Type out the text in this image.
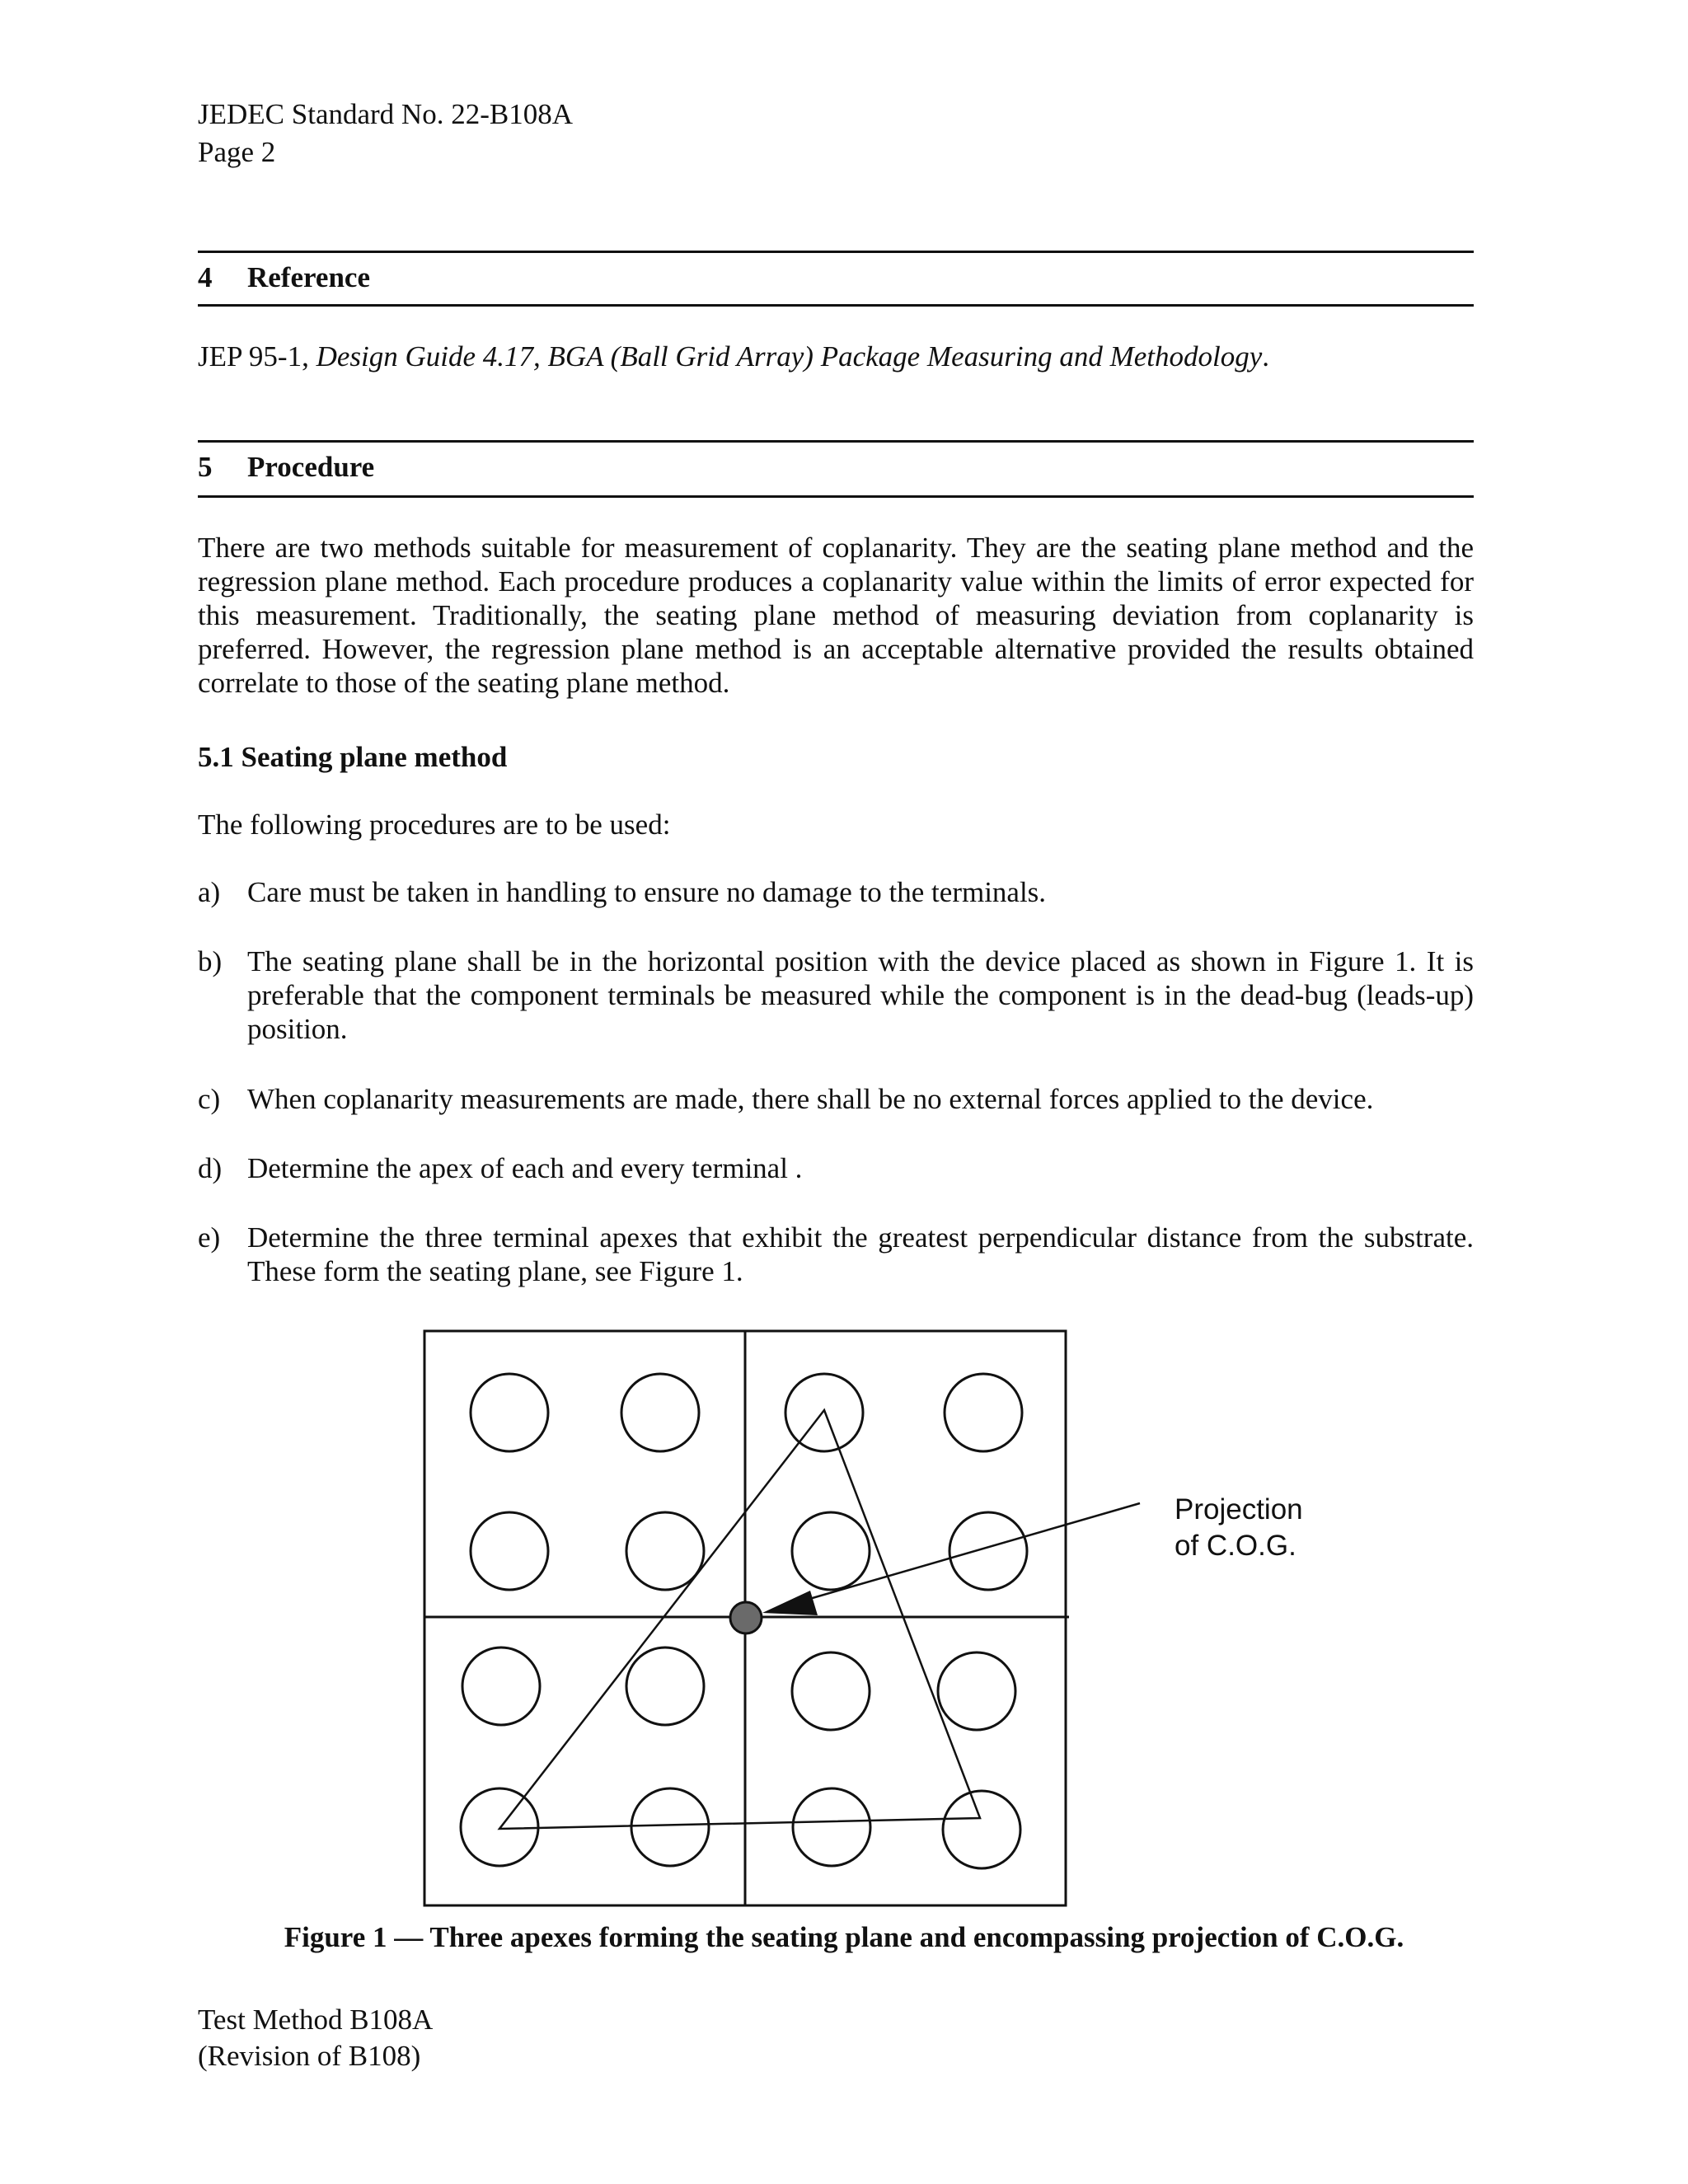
JEDEC Standard No. 22-B108A
Page 2
4 Reference
JEP 95-1, Design Guide 4.17, BGA (Ball Grid Array) Package Measuring and Methodology.
5 Procedure
There are two methods suitable for measurement of coplanarity. They are the seating plane method and the regression plane method. Each procedure produces a coplanarity value within the limits of error expected for this measurement. Traditionally, the seating plane method of measuring deviation from coplanarity is preferred. However, the regression plane method is an acceptable alternative provided the results obtained correlate to those of the seating plane method.
5.1 Seating plane method
The following procedures are to be used:
a) Care must be taken in handling to ensure no damage to the terminals.
b) The seating plane shall be in the horizontal position with the device placed as shown in Figure 1. It is preferable that the component terminals be measured while the component is in the dead-bug (leads-up) position.
c) When coplanarity measurements are made, there shall be no external forces applied to the device.
d) Determine the apex of each and every terminal .
e) Determine the three terminal apexes that exhibit the greatest perpendicular distance from the substrate. These form the seating plane, see Figure 1.
Projection
of C.O.G.
Figure 1 — Three apexes forming the seating plane and encompassing projection of C.O.G.
Test Method B108A
(Revision of B108)
